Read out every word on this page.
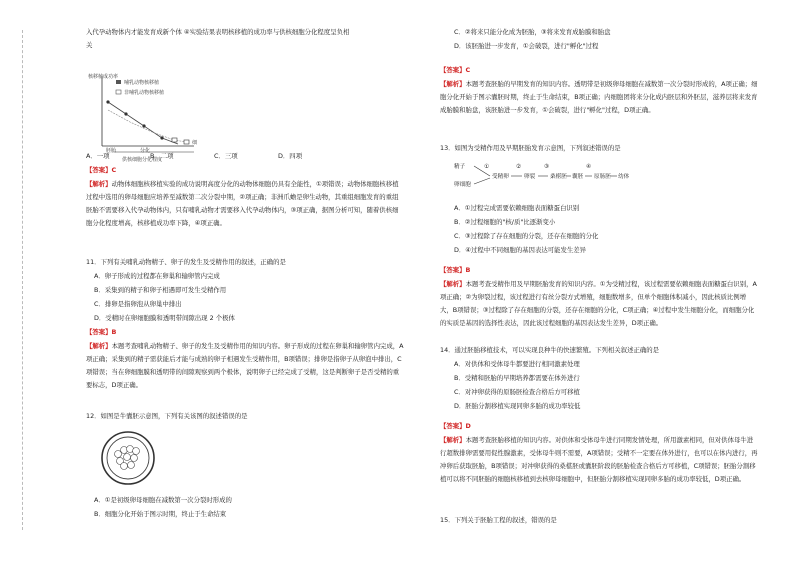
入代孕动物体内才能发育成新个体 ④实验结果表明核移植的成功率与供核细胞分化程度呈负相
关
核移植成功率
哺乳动物核移植
非哺乳动物核移植
细
胚胎	分化
供核细胞分化程度
A．一项	B．二项	C．三项	D．四项
【答案】C
【解析】动物体细胞核移植实验的成功说明高度分化的动物体细胞仍具有全能性，①项错误；动物体细胞核移植过程中选用的卵母细胞应培养至减数第二次分裂中期，②项正确；非洲爪蟾是卵生动物，其重组细胞发育的重组胚胎不需要移入代孕动物体内，只有哺乳动物才需要移入代孕动物体内，③项正确，据图分析可知，随着供核细胞分化程度增高，核移植成功率下降，④项正确。
11．下列有关哺乳动物精子、卵子的发生及受精作用的叙述，正确的是
A．卵子形成的过程都在卵巢和输卵管内完成
B．采集到的精子和卵子相遇即可发生受精作用
C．排卵是指卵泡从卵巢中排出
D．受精时在卵细胞膜和透明带间隙出现 2 个极体
【答案】B
【解析】本题考查哺乳动物精子、卵子的发生及受精作用的知识内容。卵子形成的过程在卵巢和输卵管内完成，A项正确；采集到的精子需获能后才能与成熟的卵子相遇发生受精作用，B项错误；排卵是指卵子从卵泡中排出，C项错误；当在卵细胞膜和透明带的间隙观察到两个极体，说明卵子已经完成了受精，这是判断卵子是否受精的重要标志，D项正确。
12．如图是牛囊胚示意图，下列有关该图的叙述错误的是
A．①是初级卵母细胞在减数第一次分裂时形成的
B．细胞分化开始于图示时期，终止于生命结束
C．②将来只能分化成为胚胎，③将来发育成胎膜和胎盘
D．该胚胎进一步发育，①会破裂，进行"孵化"过程
【答案】C
【解析】本题考查胚胎的早期发育的知识内容。透明带是初级卵母细胞在减数第一次分裂时形成的，A项正确；细胞分化开始于图示囊胚时期，终止于生命结束，B项正确；内细胞团将来分化成内胚层和外胚层，滋养层将来发育成胎膜和胎盘，该胚胎进一步发育，①会破裂，进行"孵化"过程，D项正确。
13．如图为受精作用及早期胚胎发育示意图，下列叙述错误的是
精子
卵细胞
①
受精卵
②
卵裂
③
桑椹胚 囊胚
④
原肠胚 幼体
A．①过程完成需要依赖细胞表面糖蛋白识别
B．②过程细胞的"核/质"比逐渐变小
C．③过程除了存在细胞的分裂，还存在细胞的分化
D．④过程中不同细胞的基因表达可能发生差异
【答案】B
【解析】本题考查受精作用及早期胚胎发育的知识内容。①为受精过程，该过程需要依赖细胞表面糖蛋白识别，A项正确；②为卵裂过程，该过程进行有丝分裂方式增殖，细胞数增多，但单个细胞体积减小，因此核质比例增大，B项错误；③过程除了存在细胞的分裂，还存在细胞的分化，C项正确；④过程中发生细胞分化，而细胞分化的实质是基因的选择性表达，因此该过程细胞的基因表达发生差异，D项正确。
14．通过胚胎移植技术，可以实现良种牛的快速繁殖。下列相关叙述正确的是
A．对供体和受体母牛都要进行相同激素处理
B．受精和胚胎的早期培养都需要在体外进行
C．对冲卵获得的原肠胚检查合格后方可移植
D．胚胎分割移植实现同卵多胎的成功率较低
【答案】D
【解析】本题考查胚胎移植的知识内容。对供体和受体母牛进行同期发情处理，所用激素相同，但对供体母牛进行超数排卵需要用促性腺激素，受体母牛则不需要，A项错误；受精不一定要在体外进行，也可以在体内进行，再冲卵后获取胚胎，B项错误；对冲卵获得的桑椹胚或囊胚阶段的胚胎检查合格后方可移植，C项错误；胚胎分割移植可以将不同胚胎的细胞核移植到去核卵母细胞中，但胚胎分割移植实现同卵多胎的成功率较低，D项正确。
15．下列关于胚胎工程的叙述，错误的是
